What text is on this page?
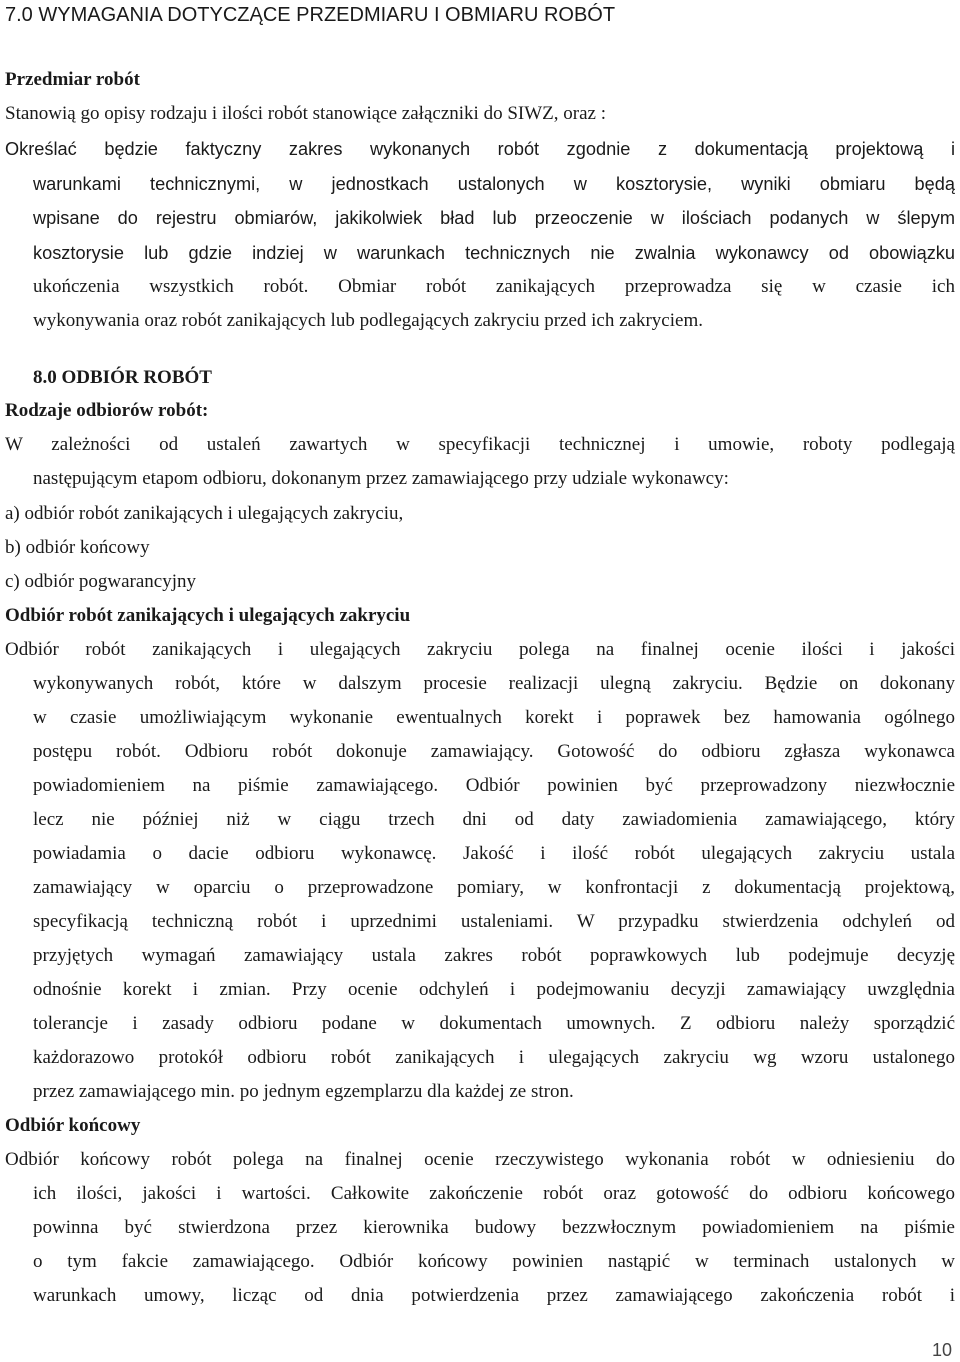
7.0 WYMAGANIA DOTYCZĄCE PRZEDMIARU I OBMIARU ROBÓT
Przedmiar robót
Stanowią go opisy rodzaju i ilości robót stanowiące załączniki do SIWZ, oraz :
Określać będzie faktyczny zakres wykonanych robót zgodnie z dokumentacją projektową i
warunkami technicznymi, w jednostkach ustalonych w kosztorysie, wyniki obmiaru będą
wpisane do rejestru obmiarów, jakikolwiek bład lub przeoczenie w ilościach podanych w ślepym
kosztorysie lub gdzie indziej w warunkach technicznych nie zwalnia wykonawcy od obowiązku
ukończenia wszystkich robót. Obmiar robót zanikających przeprowadza się w czasie ich
wykonywania oraz robót zanikających lub podlegających zakryciu przed ich zakryciem.
8.0 ODBIÓR ROBÓT
Rodzaje odbiorów robót:
W zależności od ustaleń zawartych w specyfikacji technicznej i umowie, roboty podlegają
następującym etapom odbioru, dokonanym przez zamawiającego przy udziale wykonawcy:
a) odbiór robót zanikających i ulegających zakryciu,
b) odbiór końcowy
c) odbiór pogwarancyjny
Odbiór robót zanikających i ulegających zakryciu
Odbiór robót zanikających i ulegających zakryciu polega na finalnej ocenie ilości i jakości
wykonywanych robót, które w dalszym procesie realizacji ulegną zakryciu. Będzie on dokonany
w czasie umożliwiającym wykonanie ewentualnych korekt i poprawek bez hamowania ogólnego
postępu robót. Odbioru robót dokonuje zamawiający. Gotowość do odbioru zgłasza wykonawca
powiadomieniem na piśmie zamawiającego. Odbiór powinien być przeprowadzony niezwłocznie
lecz nie później niż w ciągu trzech dni od daty zawiadomienia zamawiającego, który
powiadamia o dacie odbioru wykonawcę. Jakość i ilość robót ulegających zakryciu ustala
zamawiający w oparciu o przeprowadzone pomiary, w konfrontacji z dokumentacją projektową,
specyfikacją techniczną robót i uprzednimi ustaleniami. W przypadku stwierdzenia odchyleń od
przyjętych wymagań zamawiający ustala zakres robót poprawkowych lub podejmuje decyzję
odnośnie korekt i zmian. Przy ocenie odchyleń i podejmowaniu decyzji zamawiający uwzględnia
tolerancje i zasady odbioru podane w dokumentach umownych. Z odbioru należy sporządzić
każdorazowo protokół odbioru robót zanikających i ulegających zakryciu wg wzoru ustalonego
przez zamawiającego min. po jednym egzemplarzu dla każdej ze stron.
Odbiór końcowy
Odbiór końcowy robót polega na finalnej ocenie rzeczywistego wykonania robót w odniesieniu do
ich ilości, jakości i wartości. Całkowite zakończenie robót oraz gotowość do odbioru końcowego
powinna być stwierdzona przez kierownika budowy bezzwłocznym powiadomieniem na piśmie
o tym fakcie zamawiającego. Odbiór końcowy powinien nastąpić w terminach ustalonych w
warunkach umowy, licząc od dnia potwierdzenia przez zamawiającego zakończenia robót i
10
